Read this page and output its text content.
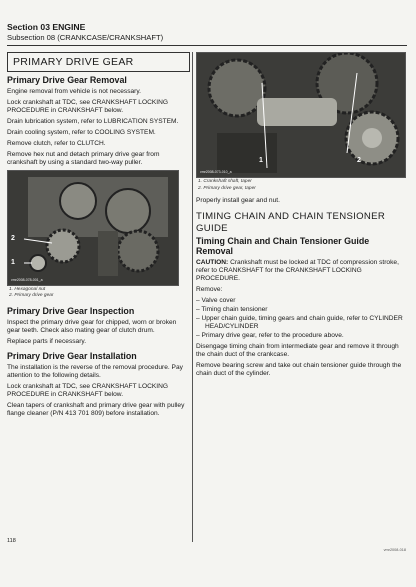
Section 03 ENGINE
Subsection 08 (CRANKCASE/CRANKSHAFT)
PRIMARY DRIVE GEAR
Primary Drive Gear Removal

Engine removal from vehicle is not necessary.

Lock crankshaft at TDC, see CRANKSHAFT LOCKING PROCEDURE in CRANKSHAFT below.

Drain lubrication system, refer to LUBRICATION SYSTEM.

Drain cooling system, refer to COOLING SYSTEM.

Remove clutch, refer to CLUTCH.

Remove hex nut and detach primary drive gear from crankshaft by using a standard two-way puller.

2
1
vmr2008-078-001_a
1. Hexagonal nut
2. Primary drive gear
Primary Drive Gear Inspection

Inspect the primary drive gear for chipped, worn or broken gear teeth. Check also mating gear of clutch drum.

Replace parts if necessary.

Primary Drive Gear Installation

The installation is the reverse of the removal procedure. Pay attention to the following details.

Lock crankshaft at TDC, see CRANKSHAFT LOCKING PROCEDURE in CRANKSHAFT below.

Clean tapers of crankshaft and primary drive gear with pulley flange cleaner (P/N 413 701 809) before installation.

1	2
vmr2008-073-010_a
1. Crankshaft shaft, taper
2. Primary drive gear, taper

Properly install gear and nut.

TIMING CHAIN AND CHAIN TENSIONER GUIDE
Timing Chain and Chain Tensioner Guide Removal

CAUTION: Crankshaft must be locked at TDC of compression stroke, refer to CRANKSHAFT for the CRANKSHAFT LOCKING PROCEDURE.

Remove:

– Valve cover
– Timing chain tensioner
– Upper chain guide, timing gears and chain guide, refer to CYLINDER HEAD/CYLINDER
– Primary drive gear, refer to the procedure above.

Disengage timing chain from intermediate gear and remove it through the chain duct of the crankcase.

Remove bearing screw and take out chain tensioner guide through the chain duct of the cylinder.

118
vmr2008-018
